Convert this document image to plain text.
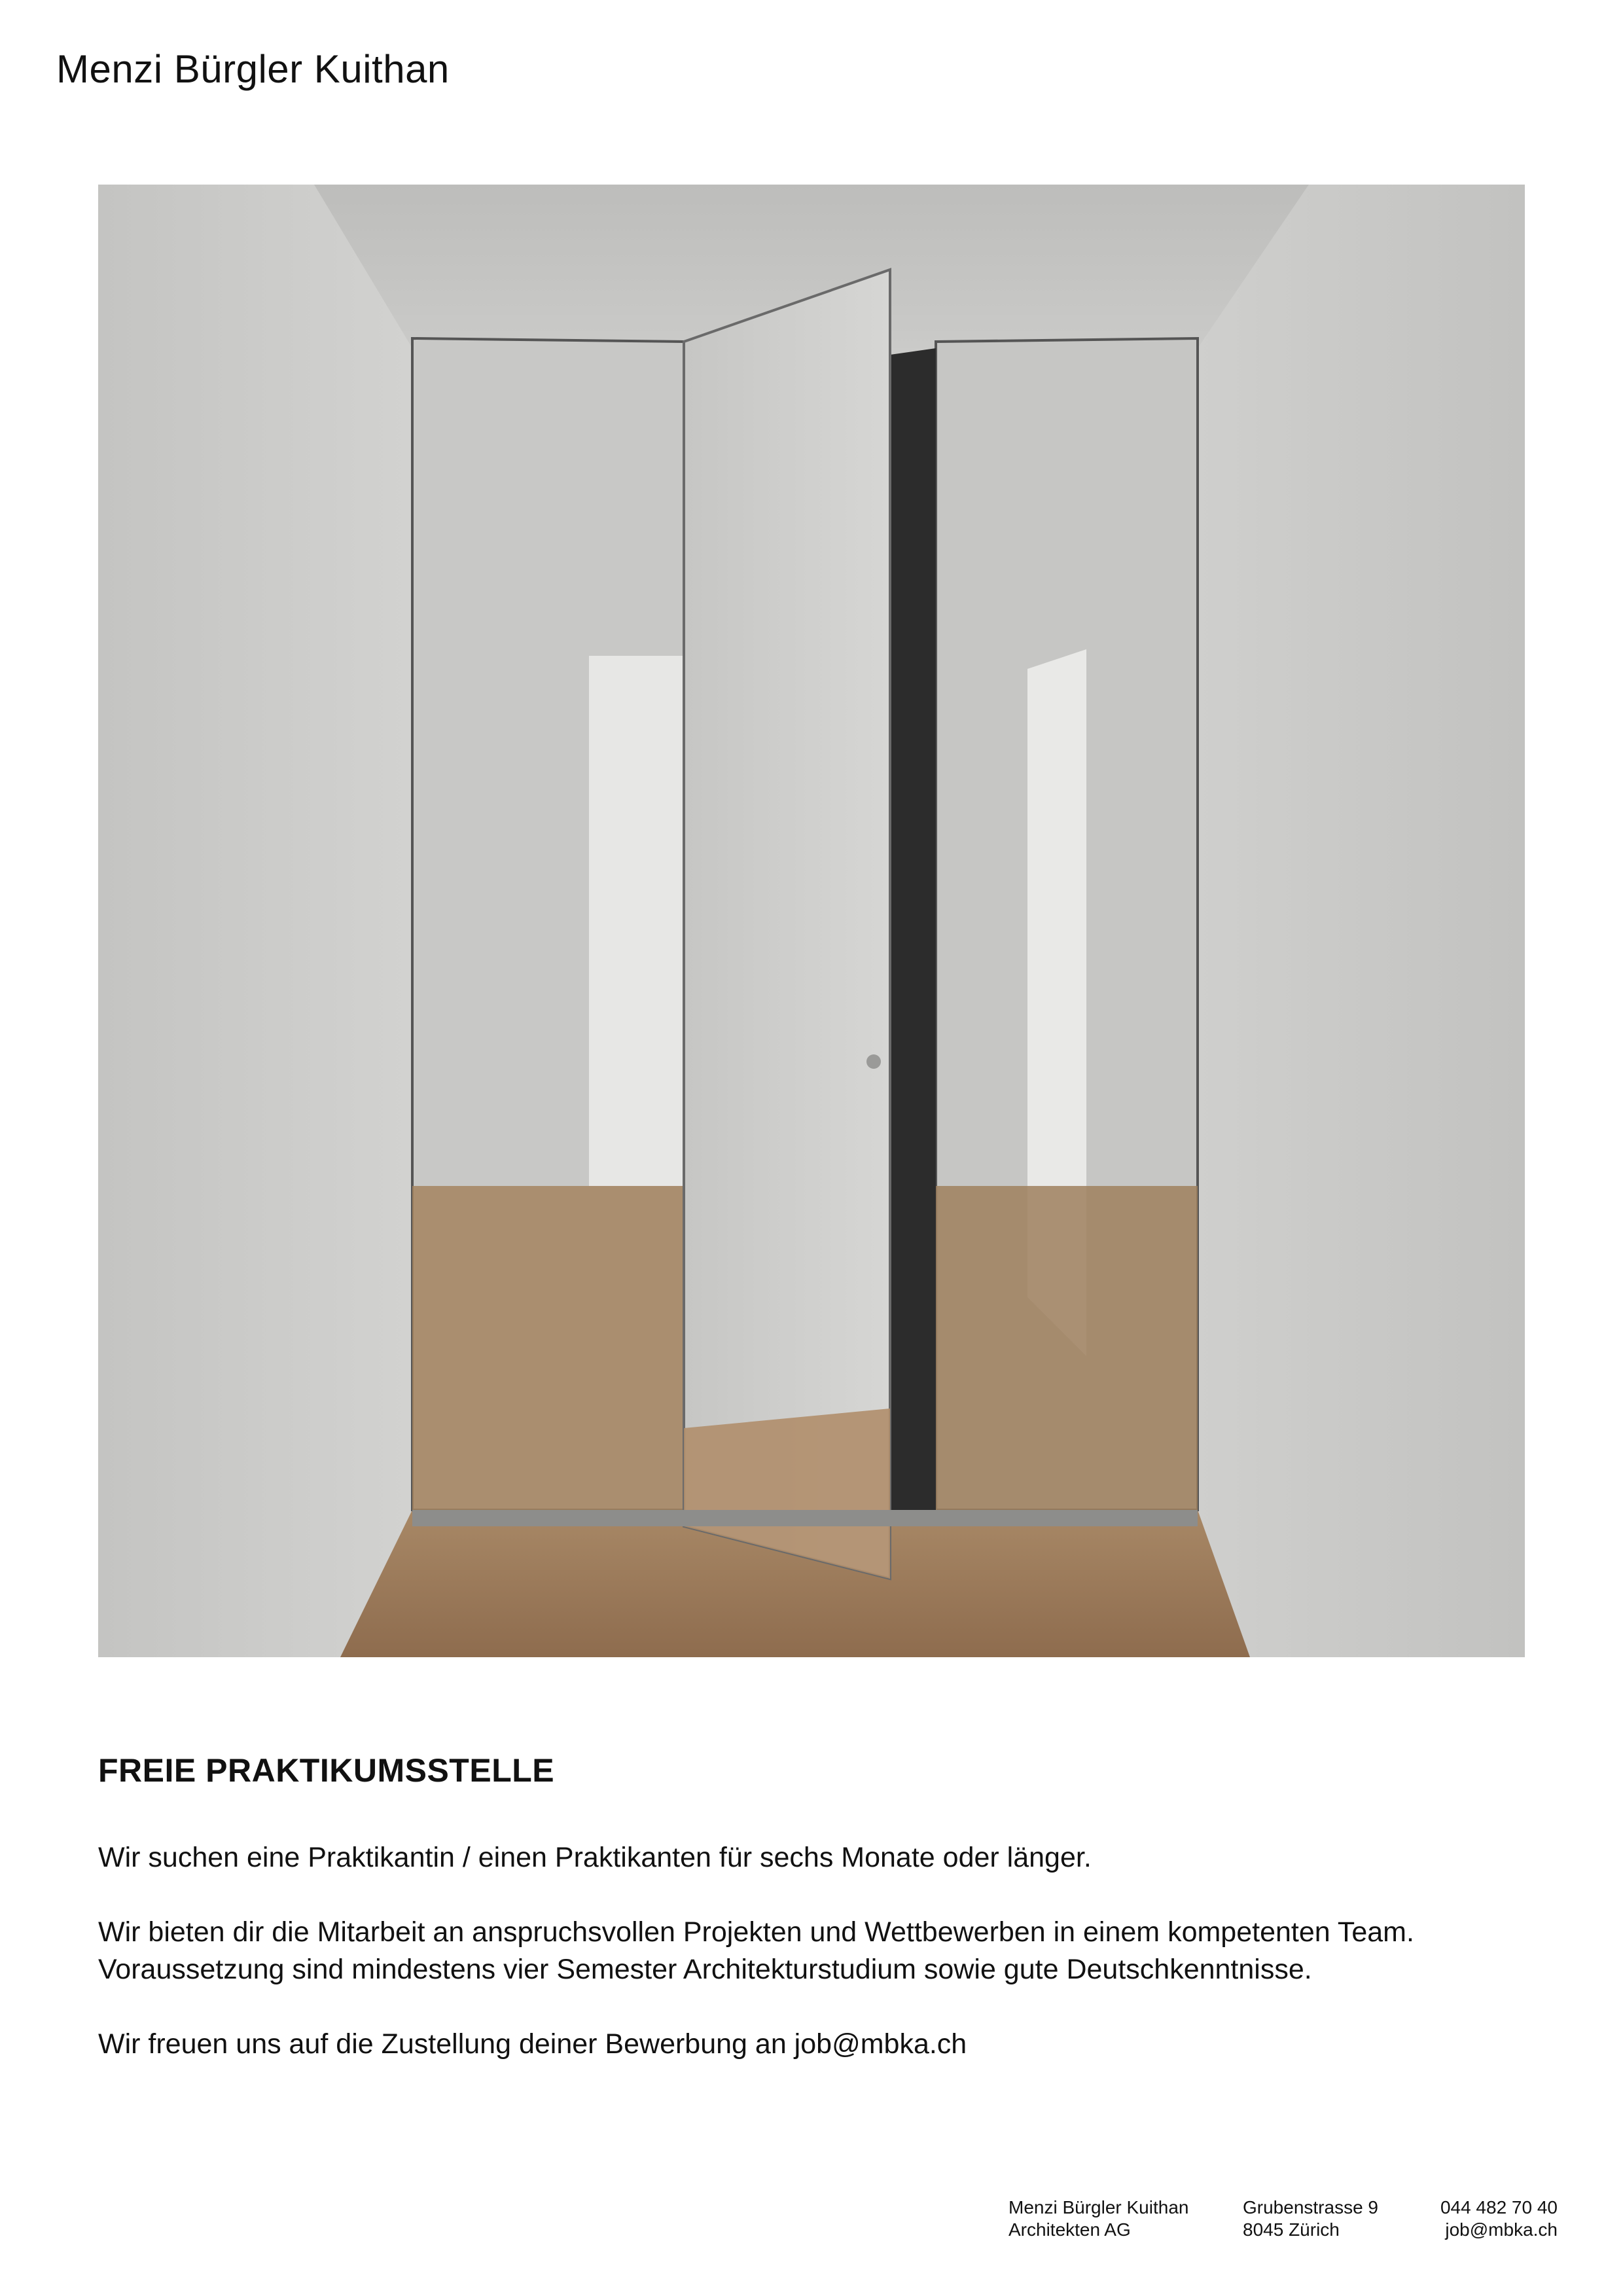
Menzi Bürgler Kuithan
FREIE PRAKTIKUMSSTELLE

Wir suchen eine Praktikantin / einen Praktikanten für sechs Monate oder länger.

Wir bieten dir die Mitarbeit an anspruchsvollen Projekten und Wettbewerben in einem kompetenten Team.
Voraussetzung sind mindestens vier Semester Architekturstudium sowie gute Deutschkenntnisse.

Wir freuen uns auf die Zustellung deiner Bewerbung an job@mbka.ch

Menzi Bürgler Kuithan
Architekten AG
Grubenstrasse 9
8045 Zürich
044 482 70 40
job@mbka.ch
